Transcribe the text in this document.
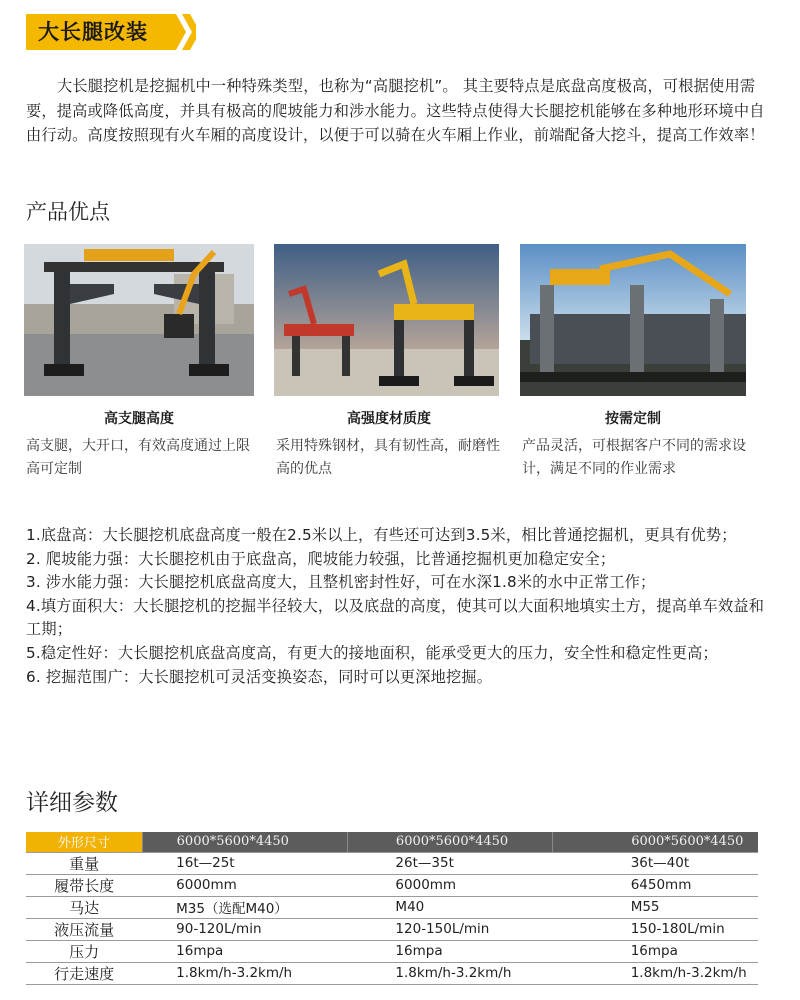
大长腿改装

大长腿挖机是挖掘机中一种特殊类型，也称为“高腿挖机”。 其主要特点是底盘高度极高，可根据使用需要，提高或降低高度，并具有极高的爬坡能力和涉水能力。这些特点使得大长腿挖机能够在多种地形环境中自由行动。高度按照现有火车厢的高度设计，以便于可以骑在火车厢上作业，前端配备大挖斗，提高工作效率！

产品优点
高支腿高度
高支腿，大开口，有效高度通过上限高可定制
高强度材质度
采用特殊钢材，具有韧性高，耐磨性高的优点
按需定制
产品灵活，可根据客户不同的需求设计，满足不同的作业需求

1.底盘高：大长腿挖机底盘高度一般在2.5米以上，有些还可达到3.5米，相比普通挖掘机，更具有优势；

2. 爬坡能力强：大长腿挖机由于底盘高，爬坡能力较强，比普通挖掘机更加稳定安全；

3. 涉水能力强：大长腿挖机底盘高度大，且整机密封性好，可在水深1.8米的水中正常工作；

4.填方面积大：大长腿挖机的挖掘半径较大，以及底盘的高度，使其可以大面积地填实土方，提高单车效益和工期；

5.稳定性好：大长腿挖机底盘高度高，有更大的接地面积，能承受更大的压力，安全性和稳定性更高；

6. 挖掘范围广：大长腿挖机可灵活变换姿态，同时可以更深地挖掘。

详细参数
外形尺寸	6000*5600*4450	6000*5600*4450	6000*5600*4450
重量	16t—25t	26t—35t	36t—40t
履带长度	6000mm	6000mm	6450mm
马达	M35（选配M40）	M40	M55
液压流量	90-120L/min	120-150L/min	150-180L/min
压力	16mpa	16mpa	16mpa
行走速度	1.8km/h-3.2km/h	1.8km/h-3.2km/h	1.8km/h-3.2km/h
